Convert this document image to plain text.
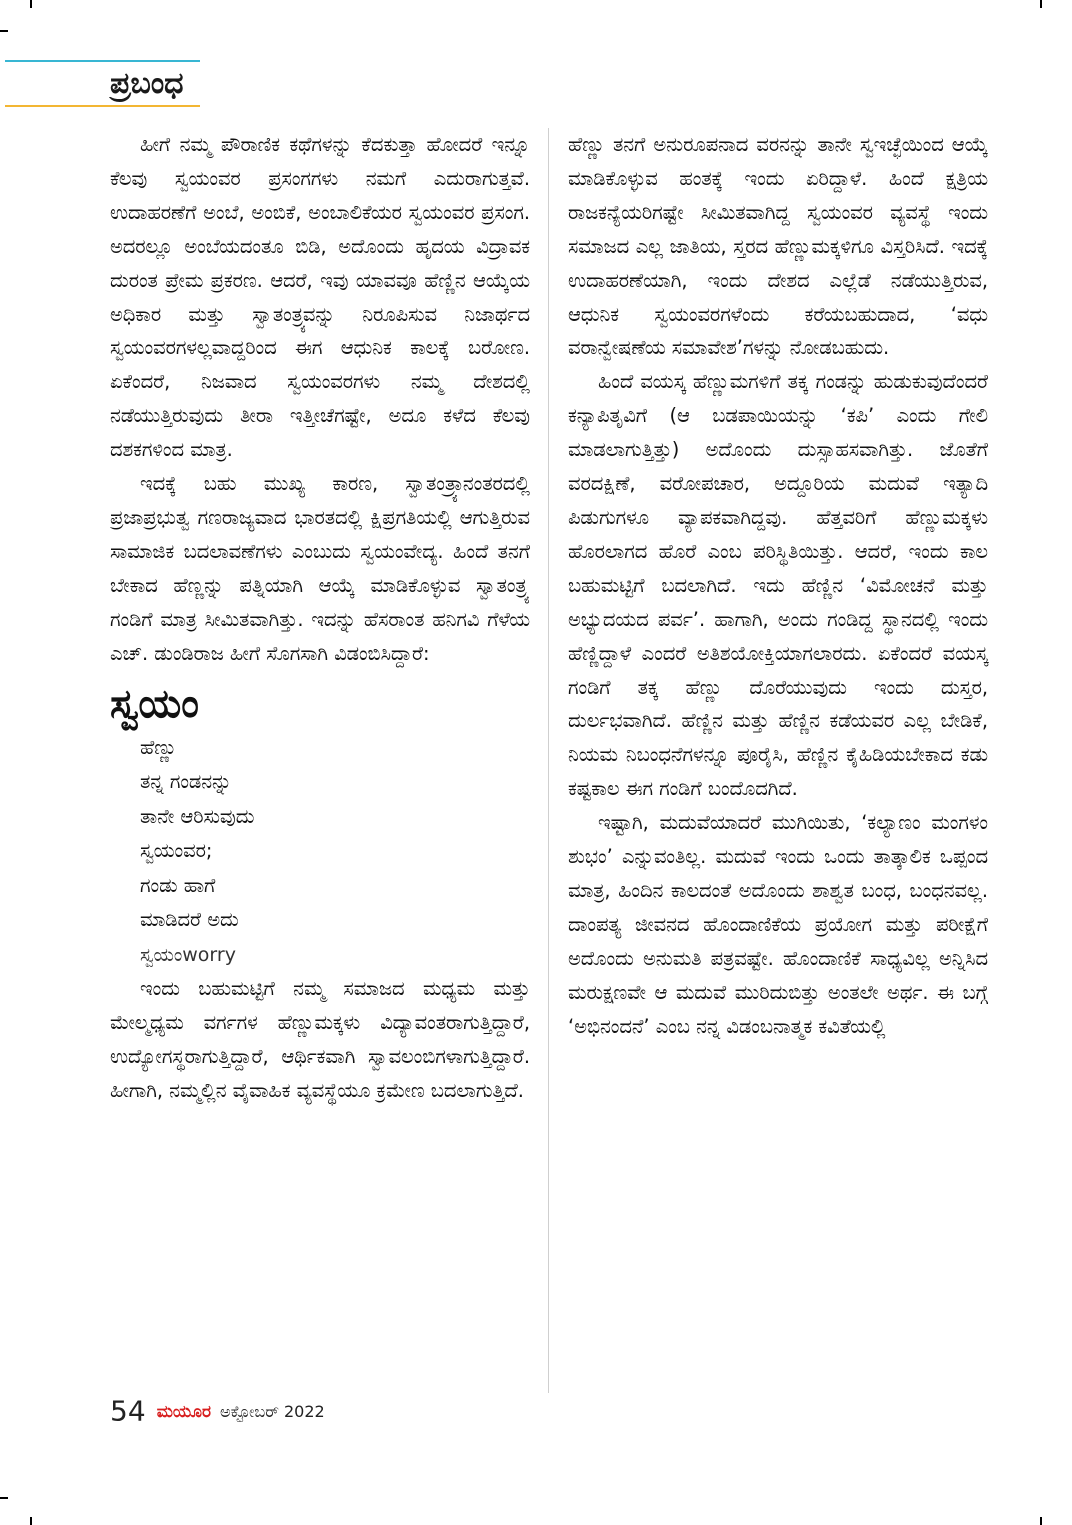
ಪ್ರಬಂಧ

ಹೀಗೆ ನಮ್ಮ ಪೌರಾಣಿಕ ಕಥೆಗಳನ್ನು ಕೆದಕುತ್ತಾ ಹೋದರೆ ಇನ್ನೂ ಕೆಲವು ಸ್ವಯಂವರ ಪ್ರಸಂಗಗಳು ನಮಗೆ ಎದುರಾಗುತ್ತವೆ. ಉದಾಹರಣೆಗೆ ಅಂಬೆ, ಅಂಬಿಕೆ, ಅಂಬಾಲಿಕೆಯರ ಸ್ವಯಂವರ ಪ್ರಸಂಗ. ಅದರಲ್ಲೂ ಅಂಬೆಯದಂತೂ ಬಿಡಿ, ಅದೊಂದು ಹೃದಯ ವಿದ್ರಾವಕ ದುರಂತ ಪ್ರೇಮ ಪ್ರಕರಣ. ಆದರೆ, ಇವು ಯಾವವೂ ಹೆಣ್ಣಿನ ಆಯ್ಕೆಯ ಅಧಿಕಾರ ಮತ್ತು ಸ್ವಾತಂತ್ರ್ಯವನ್ನು ನಿರೂಪಿಸುವ ನಿಜಾರ್ಥದ ಸ್ವಯಂವರಗಳಲ್ಲವಾದ್ದರಿಂದ ಈಗ ಆಧುನಿಕ ಕಾಲಕ್ಕೆ ಬರೋಣ. ಏಕೆಂದರೆ, ನಿಜವಾದ ಸ್ವಯಂವರಗಳು ನಮ್ಮ ದೇಶದಲ್ಲಿ ನಡೆಯುತ್ತಿರುವುದು ತೀರಾ ಇತ್ತೀಚೆಗಷ್ಟೇ, ಅದೂ ಕಳೆದ ಕೆಲವು ದಶಕಗಳಿಂದ ಮಾತ್ರ.

ಇದಕ್ಕೆ ಬಹು ಮುಖ್ಯ ಕಾರಣ, ಸ್ವಾತಂತ್ರ್ಯಾನಂತರದಲ್ಲಿ ಪ್ರಜಾಪ್ರಭುತ್ವ ಗಣರಾಜ್ಯವಾದ ಭಾರತದಲ್ಲಿ ಕ್ಷಿಪ್ರಗತಿಯಲ್ಲಿ ಆಗುತ್ತಿರುವ ಸಾಮಾಜಿಕ ಬದಲಾವಣೆಗಳು ಎಂಬುದು ಸ್ವಯಂವೇದ್ಯ. ಹಿಂದೆ ತನಗೆ ಬೇಕಾದ ಹೆಣ್ಣನ್ನು ಪತ್ನಿಯಾಗಿ ಆಯ್ಕೆ ಮಾಡಿಕೊಳ್ಳುವ ಸ್ವಾತಂತ್ರ್ಯ ಗಂಡಿಗೆ ಮಾತ್ರ ಸೀಮಿತವಾಗಿತ್ತು. ಇದನ್ನು ಹೆಸರಾಂತ ಹನಿಗವಿ ಗೆಳೆಯ ಎಚ್. ಡುಂಡಿರಾಜ ಹೀಗೆ ಸೊಗಸಾಗಿ ವಿಡಂಬಿಸಿದ್ದಾರೆ:

ಸ್ವಯಂ

ಹೆಣ್ಣು

ತನ್ನ ಗಂಡನನ್ನು

ತಾನೇ ಆರಿಸುವುದು

ಸ್ವಯಂವರ;

ಗಂಡು ಹಾಗೆ

ಮಾಡಿದರೆ ಅದು

ಸ್ವಯಂworry

ಇಂದು ಬಹುಮಟ್ಟಿಗೆ ನಮ್ಮ ಸಮಾಜದ ಮಧ್ಯಮ ಮತ್ತು ಮೇಲ್ಮಧ್ಯಮ ವರ್ಗಗಳ ಹೆಣ್ಣುಮಕ್ಕಳು ವಿದ್ಯಾವಂತರಾಗುತ್ತಿದ್ದಾರೆ, ಉದ್ಯೋಗಸ್ಥರಾಗುತ್ತಿದ್ದಾರೆ, ಆರ್ಥಿಕವಾಗಿ ಸ್ವಾವಲಂಬಿಗಳಾಗುತ್ತಿದ್ದಾರೆ. ಹೀಗಾಗಿ, ನಮ್ಮಲ್ಲಿನ ವೈವಾಹಿಕ ವ್ಯವಸ್ಥೆಯೂ ಕ್ರಮೇಣ ಬದಲಾಗುತ್ತಿದೆ.

ಹೆಣ್ಣು ತನಗೆ ಅನುರೂಪನಾದ ವರನನ್ನು ತಾನೇ ಸ್ವಇಚ್ಛೆಯಿಂದ ಆಯ್ಕೆ ಮಾಡಿಕೊಳ್ಳುವ ಹಂತಕ್ಕೆ ಇಂದು ಏರಿದ್ದಾಳೆ. ಹಿಂದೆ ಕ್ಷತ್ರಿಯ ರಾಜಕನ್ಯೆಯರಿಗಷ್ಟೇ ಸೀಮಿತವಾಗಿದ್ದ ಸ್ವಯಂವರ ವ್ಯವಸ್ಥೆ ಇಂದು ಸಮಾಜದ ಎಲ್ಲ ಜಾತಿಯ, ಸ್ತರದ ಹೆಣ್ಣುಮಕ್ಕಳಿಗೂ ವಿಸ್ತರಿಸಿದೆ. ಇದಕ್ಕೆ ಉದಾಹರಣೆಯಾಗಿ, ಇಂದು ದೇಶದ ಎಲ್ಲೆಡೆ ನಡೆಯುತ್ತಿರುವ, ಆಧುನಿಕ ಸ್ವಯಂವರಗಳೆಂದು ಕರೆಯಬಹುದಾದ, ‘ವಧು ವರಾನ್ವೇಷಣೆಯ ಸಮಾವೇಶ’ಗಳನ್ನು ನೋಡಬಹುದು.

ಹಿಂದೆ ವಯಸ್ಕ ಹೆಣ್ಣುಮಗಳಿಗೆ ತಕ್ಕ ಗಂಡನ್ನು ಹುಡುಕುವುದೆಂದರೆ ಕನ್ಯಾಪಿತೃವಿಗೆ (ಆ ಬಡಪಾಯಿಯನ್ನು ‘ಕಪಿ’ ಎಂದು ಗೇಲಿ ಮಾಡಲಾಗುತ್ತಿತ್ತು) ಅದೊಂದು ದುಸ್ಸಾಹಸವಾಗಿತ್ತು. ಜೊತೆಗೆ ವರದಕ್ಷಿಣೆ, ವರೋಪಚಾರ, ಅದ್ದೂರಿಯ ಮದುವೆ ಇತ್ಯಾದಿ ಪಿಡುಗುಗಳೂ ವ್ಯಾಪಕವಾಗಿದ್ದವು. ಹೆತ್ತವರಿಗೆ ಹೆಣ್ಣುಮಕ್ಕಳು ಹೊರಲಾಗದ ಹೊರೆ ಎಂಬ ಪರಿಸ್ಥಿತಿಯಿತ್ತು. ಆದರೆ, ಇಂದು ಕಾಲ ಬಹುಮಟ್ಟಿಗೆ ಬದಲಾಗಿದೆ. ಇದು ಹೆಣ್ಣಿನ ‘ವಿಮೋಚನೆ ಮತ್ತು ಅಭ್ಯುದಯದ ಪರ್ವ’. ಹಾಗಾಗಿ, ಅಂದು ಗಂಡಿದ್ದ ಸ್ಥಾನದಲ್ಲಿ ಇಂದು ಹೆಣ್ಣಿದ್ದಾಳೆ ಎಂದರೆ ಅತಿಶಯೋಕ್ತಿಯಾಗಲಾರದು. ಏಕೆಂದರೆ ವಯಸ್ಕ ಗಂಡಿಗೆ ತಕ್ಕ ಹೆಣ್ಣು ದೊರೆಯುವುದು ಇಂದು ದುಸ್ತರ, ದುರ್ಲಭವಾಗಿದೆ. ಹೆಣ್ಣಿನ ಮತ್ತು ಹೆಣ್ಣಿನ ಕಡೆಯವರ ಎಲ್ಲ ಬೇಡಿಕೆ, ನಿಯಮ ನಿಬಂಧನೆಗಳನ್ನೂ ಪೂರೈಸಿ, ಹೆಣ್ಣಿನ ಕೈಹಿಡಿಯಬೇಕಾದ ಕಡು ಕಷ್ಟಕಾಲ ಈಗ ಗಂಡಿಗೆ ಬಂದೊದಗಿದೆ.

ಇಷ್ಟಾಗಿ, ಮದುವೆಯಾದರೆ ಮುಗಿಯಿತು, ‘ಕಲ್ಯಾಣಂ ಮಂಗಳಂ ಶುಭಂ’ ಎನ್ನುವಂತಿಲ್ಲ. ಮದುವೆ ಇಂದು ಒಂದು ತಾತ್ಕಾಲಿಕ ಒಪ್ಪಂದ ಮಾತ್ರ, ಹಿಂದಿನ ಕಾಲದಂತೆ ಅದೊಂದು ಶಾಶ್ವತ ಬಂಧ, ಬಂಧನವಲ್ಲ. ದಾಂಪತ್ಯ ಜೀವನದ ಹೊಂದಾಣಿಕೆಯ ಪ್ರಯೋಗ ಮತ್ತು ಪರೀಕ್ಷೆಗೆ ಅದೊಂದು ಅನುಮತಿ ಪತ್ರವಷ್ಟೇ. ಹೊಂದಾಣಿಕೆ ಸಾಧ್ಯವಿಲ್ಲ ಅನ್ನಿಸಿದ ಮರುಕ್ಷಣವೇ ಆ ಮದುವೆ ಮುರಿದುಬಿತ್ತು ಅಂತಲೇ ಅರ್ಥ. ಈ ಬಗ್ಗೆ ‘ಅಭಿನಂದನೆ’ ಎಂಬ ನನ್ನ ವಿಡಂಬನಾತ್ಮಕ ಕವಿತೆಯಲ್ಲಿ

54 ಮಯೂರ ಅಕ್ಟೋಬರ್ 2022
